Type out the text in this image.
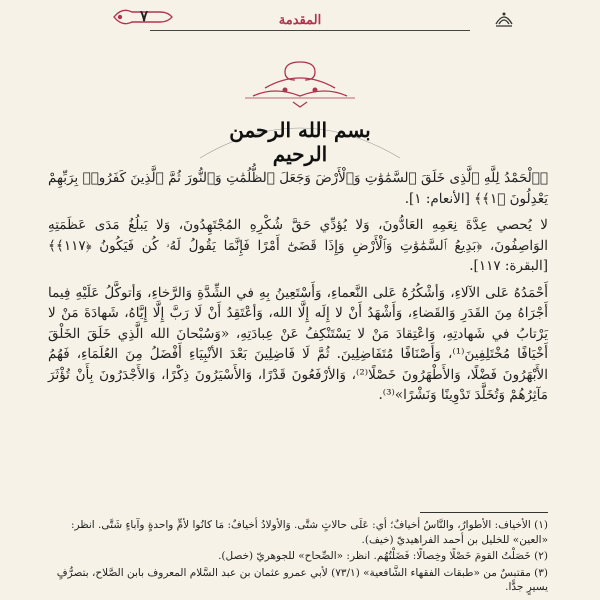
المقدمة
٧
بسم الله الرحمن الرحيم

﴿ٱلْحَمْدُ لِلَّهِ ٱلَّذِى خَلَقَ ٱلسَّمَٰوَٰتِ وَٱلْأَرْضَ وَجَعَلَ ٱلظُّلُمَٰتِ وَٱلنُّورَ ثُمَّ ٱلَّذِينَ كَفَرُوا۟ بِرَبِّهِمْ يَعْدِلُونَ ﴿١﴾﴾ [الأنعام: ١].

لا يُحصي عِدَّةَ نِعَمِهِ العَادُّونَ، وَلا يُؤدِّي حَقَّ شُكْرِهِ المُجْتَهِدُونَ، وَلا يَبلُغُ مَدَى عَظَمَتِهِ الوَاصِفُونَ، ﴿بَدِيعُ ٱلسَّمَٰوَٰتِ وَٱلْأَرْضِ وَإِذَا قَضَىٰٓ أَمْرًا فَإِنَّمَا يَقُولُ لَهُۥ كُن فَيَكُونُ ﴿١١٧﴾﴾ [البقرة: ١١٧].

أَحْمَدُهُ عَلى الآلاءِ، وَأشْكُرُهُ عَلى النَّعماءِ، وَأَسْتَعِينُ بِهِ في الشِّدَّةِ وَالرَّخاءِ، وَأتوكَّلُ عَلَيْهِ فِيما أَجْرَاهُ مِنَ القَدَرِ وَالقَضاءِ، وَأَشْهَدُ أَنْ لا إِلَه إِلَّا الله، وَأعْتَقِدُ أَنْ لَا رَبَّ إِلَّا إِيَّاهُ، شَهادَةَ مَنْ لا يَرْتابُ في شَهادتِهِ، وَاعْتِقادَ مَنْ لا يَسْتَنْكِفُ عَنْ عِبادَتِهِ، «وَسُبْحانَ الله الَّذِي خَلَقَ الخَلْقَ أَخْيَافًا مُخْتَلِفِينَ⁽¹⁾، وَأَصْنَافًا مُتَفَاضِلِينَ. ثُمَّ لَا فَاضِلِينَ بَعْدَ الأنْبِيَاءِ أَفْضَلُ مِنَ العُلَمَاءِ، فَهُمُ الأَبْهَرُونَ فَضْلًا، وَالأَطْهَرُونَ خَصْلًا⁽²⁾، وَالأرْفَعُونَ قَدْرًا، وَالأَسْيَرُونَ ذِكْرًا، وَالأَجْدَرُونَ بِأَنْ تُؤْثَرَ مَآثِرُهُمْ وَتُخَلَّدَ تَدْوِينًا وَنَشْرًا»⁽³⁾.

(١) الأخياف: الأطوارُ، والنَّاسُ أخيافٌ؛ أي: عَلَى حالاتٍ شتَّى. وَالأولادُ أخيافٌ: مَا كانُوا لأمٍّ واحدةٍ وآباءٍ شَتَّى. انظر: «العين» للخليل بن أحمد الفراهيديّ (خيف).

(٢) خَصَلْتُ القومَ خَصْلًا وخِصالًا: فَضَلْتُهُم. انظر: «الصِّحاح» للجوهريّ (خصل).

(٣) مقتبسٌ من «طبقات الفقهاء الشَّافعية» (٧٣/١) لأبي عمرو عثمان بن عبد السَّلام المعروف بابن الصَّلاح، بتصرُّفٍ يسيرٍ جدًّا.
